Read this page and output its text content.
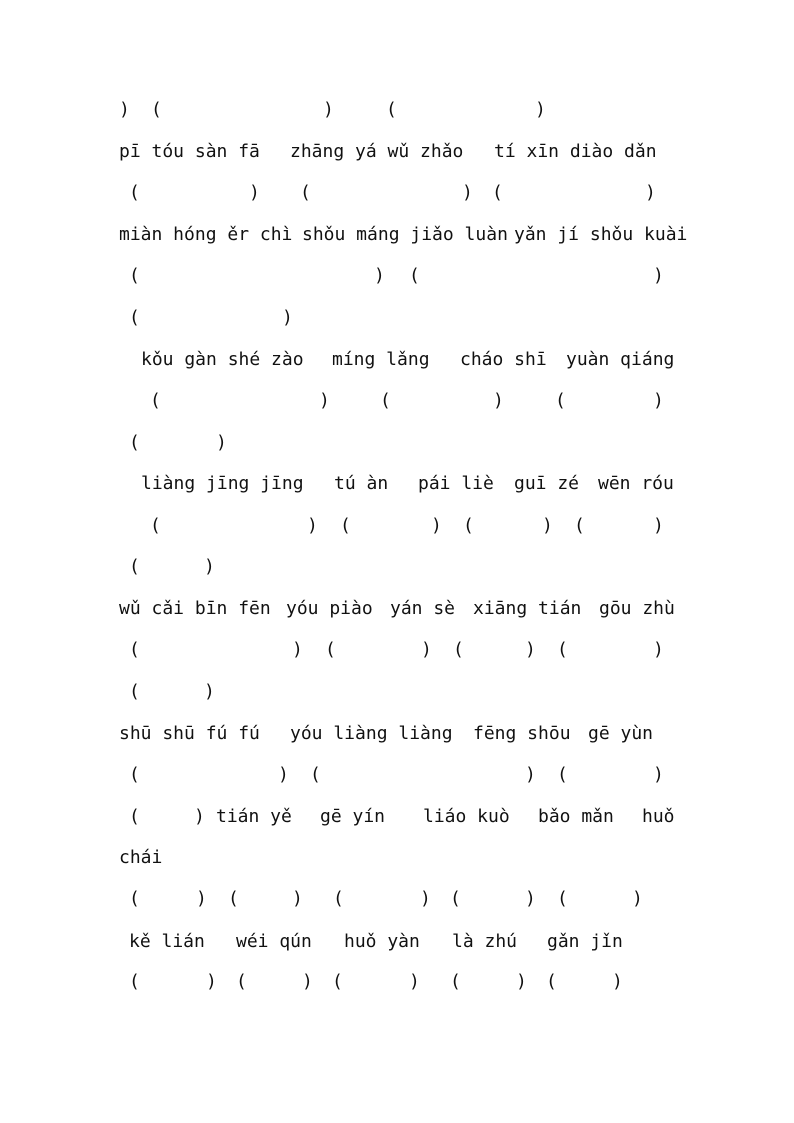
) (	)	(	)
pī tóu sàn fā zhāng yá wǔ zhǎo tí xīn diào dǎn
(	) (	) (	)
miàn hóng ěr chì shǒu máng jiǎo luàn yǎn jí shǒu kuài
(	) (	)
(	)
kǒu gàn shé zào míng lǎng cháo shī yuàn qiáng
(	)	(	)	(	)
(	)
liàng jīng jīng tú àn pái liè guī zé wēn róu
(	) (	) (	) (	)
(	)
wǔ cǎi bīn fēn yóu piào yán sè xiāng tián gōu zhù
(	) (	) (	) (	)
(	)
shū shū fú fú yóu liàng liàng fēng shōu gē yùn
(	) (	) (	)
(	) tián yě gē yín liáo kuò bǎo mǎn huǒ
chái
(	) (	) (	) (	) (	)
kě lián wéi qún huǒ yàn là zhú gǎn jǐn
(	) (	) (	) (	) (	)
